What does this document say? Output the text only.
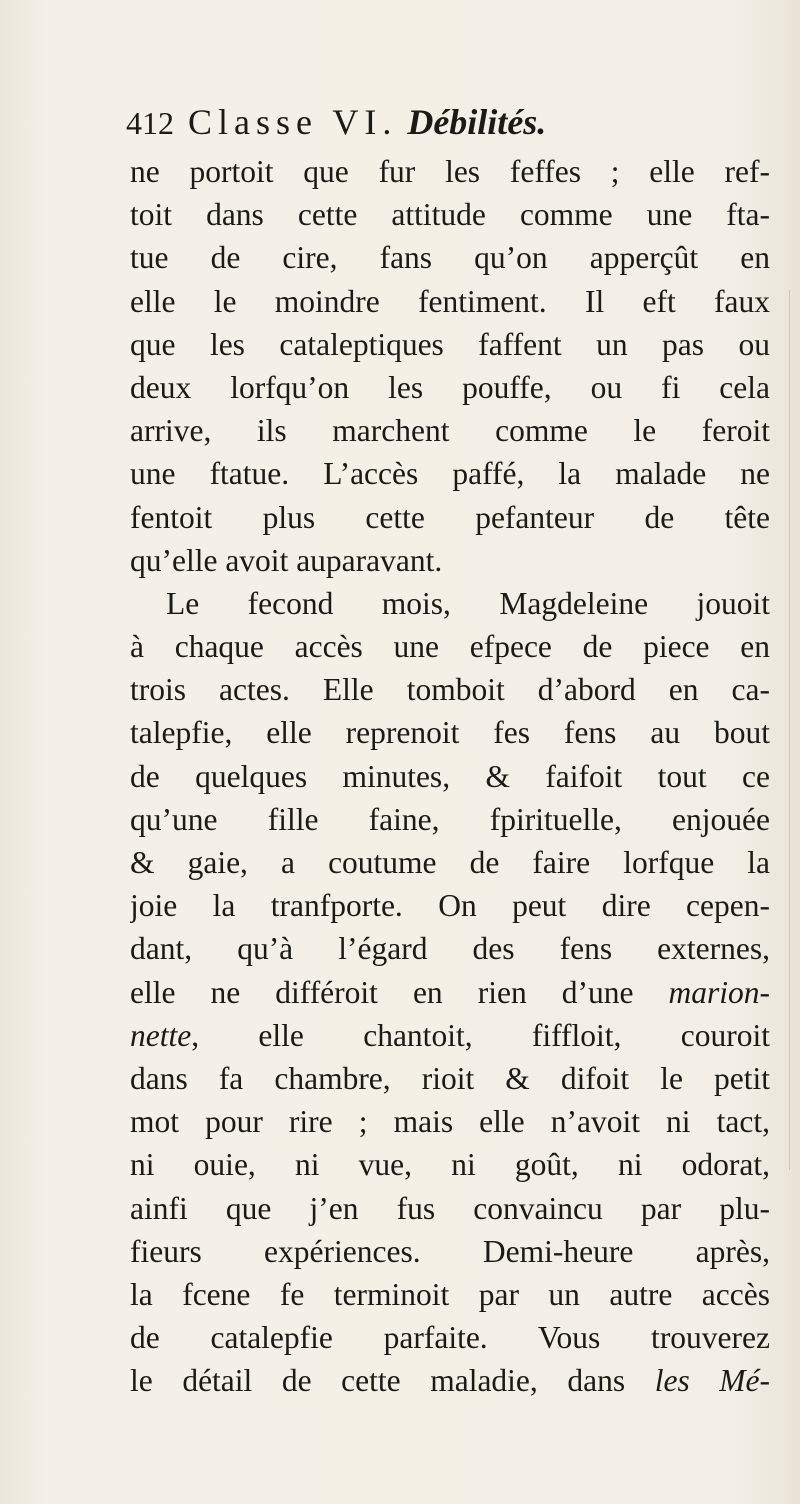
412 Classe VI. Débilités.
ne portoit que fur les feffes ; elle ref-
toit dans cette attitude comme une fta-
tue de cire, fans qu’on apperçût en
elle le moindre fentiment. Il eft faux
que les cataleptiques faffent un pas ou
deux lorfqu’on les pouffe, ou fi cela
arrive, ils marchent comme le feroit
une ftatue. L’accès paffé, la malade ne
fentoit plus cette pefanteur de tête
qu’elle avoit auparavant.
Le fecond mois, Magdeleine jouoit
à chaque accès une efpece de piece en
trois actes. Elle tomboit d’abord en ca-
talepfie, elle reprenoit fes fens au bout
de quelques minutes, & faifoit tout ce
qu’une fille faine, fpirituelle, enjouée
& gaie, a coutume de faire lorfque la
joie la tranfporte. On peut dire cepen-
dant, qu’à l’égard des fens externes,
elle ne différoit en rien d’une marion-
nette, elle chantoit, fiffloit, couroit
dans fa chambre, rioit & difoit le petit
mot pour rire ; mais elle n’avoit ni tact,
ni ouie, ni vue, ni goût, ni odorat,
ainfi que j’en fus convaincu par plu-
fieurs expériences. Demi-heure après,
la fcene fe terminoit par un autre accès
de catalepfie parfaite. Vous trouverez
le détail de cette maladie, dans les Mé-
